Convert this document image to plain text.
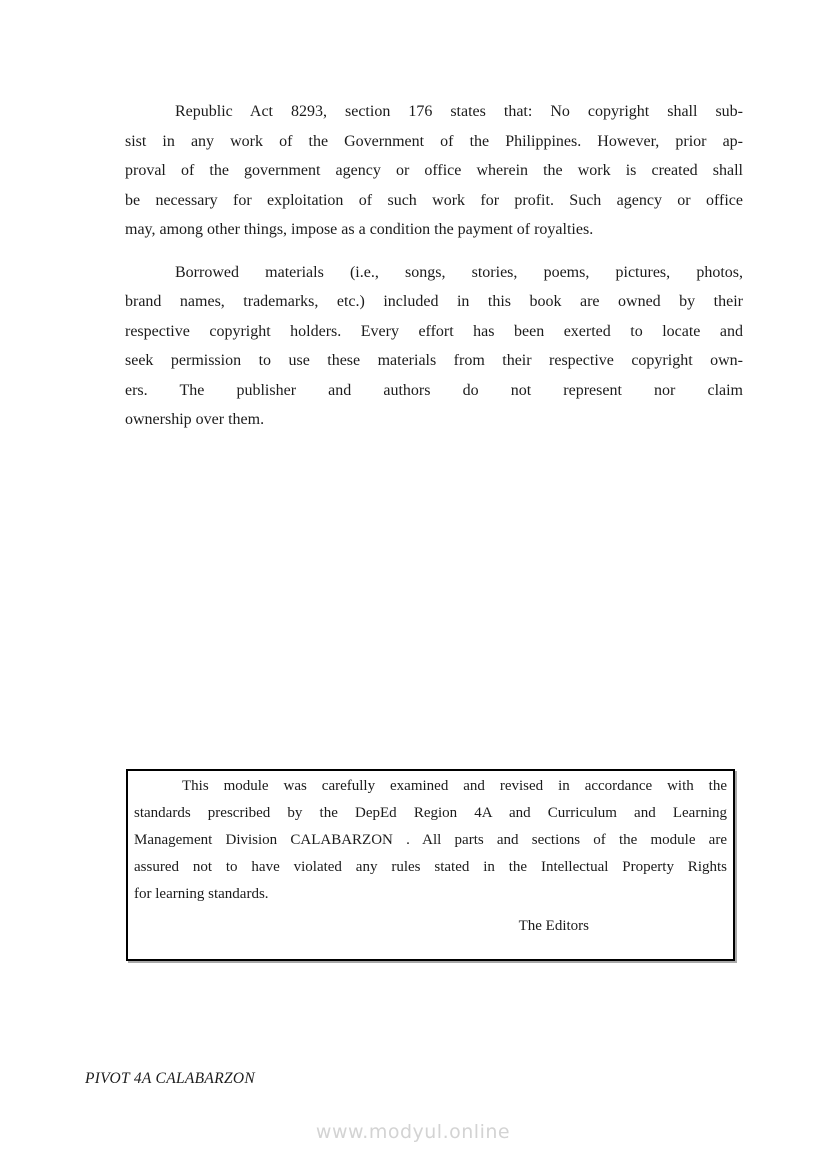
Republic Act 8293, section 176 states that: No copyright shall sub-
sist in any work of the Government of the Philippines. However, prior ap-
proval of the government agency or office wherein the work is created shall
be necessary for exploitation of such work for profit. Such agency or office
may, among other things, impose as a condition the payment of royalties.
Borrowed materials (i.e., songs, stories, poems, pictures, photos,
brand names, trademarks, etc.) included in this book are owned by their
respective copyright holders. Every effort has been exerted to locate and
seek permission to use these materials from their respective copyright own-
ers. The publisher and authors do not represent nor claim
ownership over them.
This module was carefully examined and revised in accordance with the
standards prescribed by the DepEd Region 4A and Curriculum and Learning
Management Division CALABARZON . All parts and sections of the module are
assured not to have violated any rules stated in the Intellectual Property Rights
for learning standards.
The Editors
PIVOT 4A CALABARZON
www.modyul.online
